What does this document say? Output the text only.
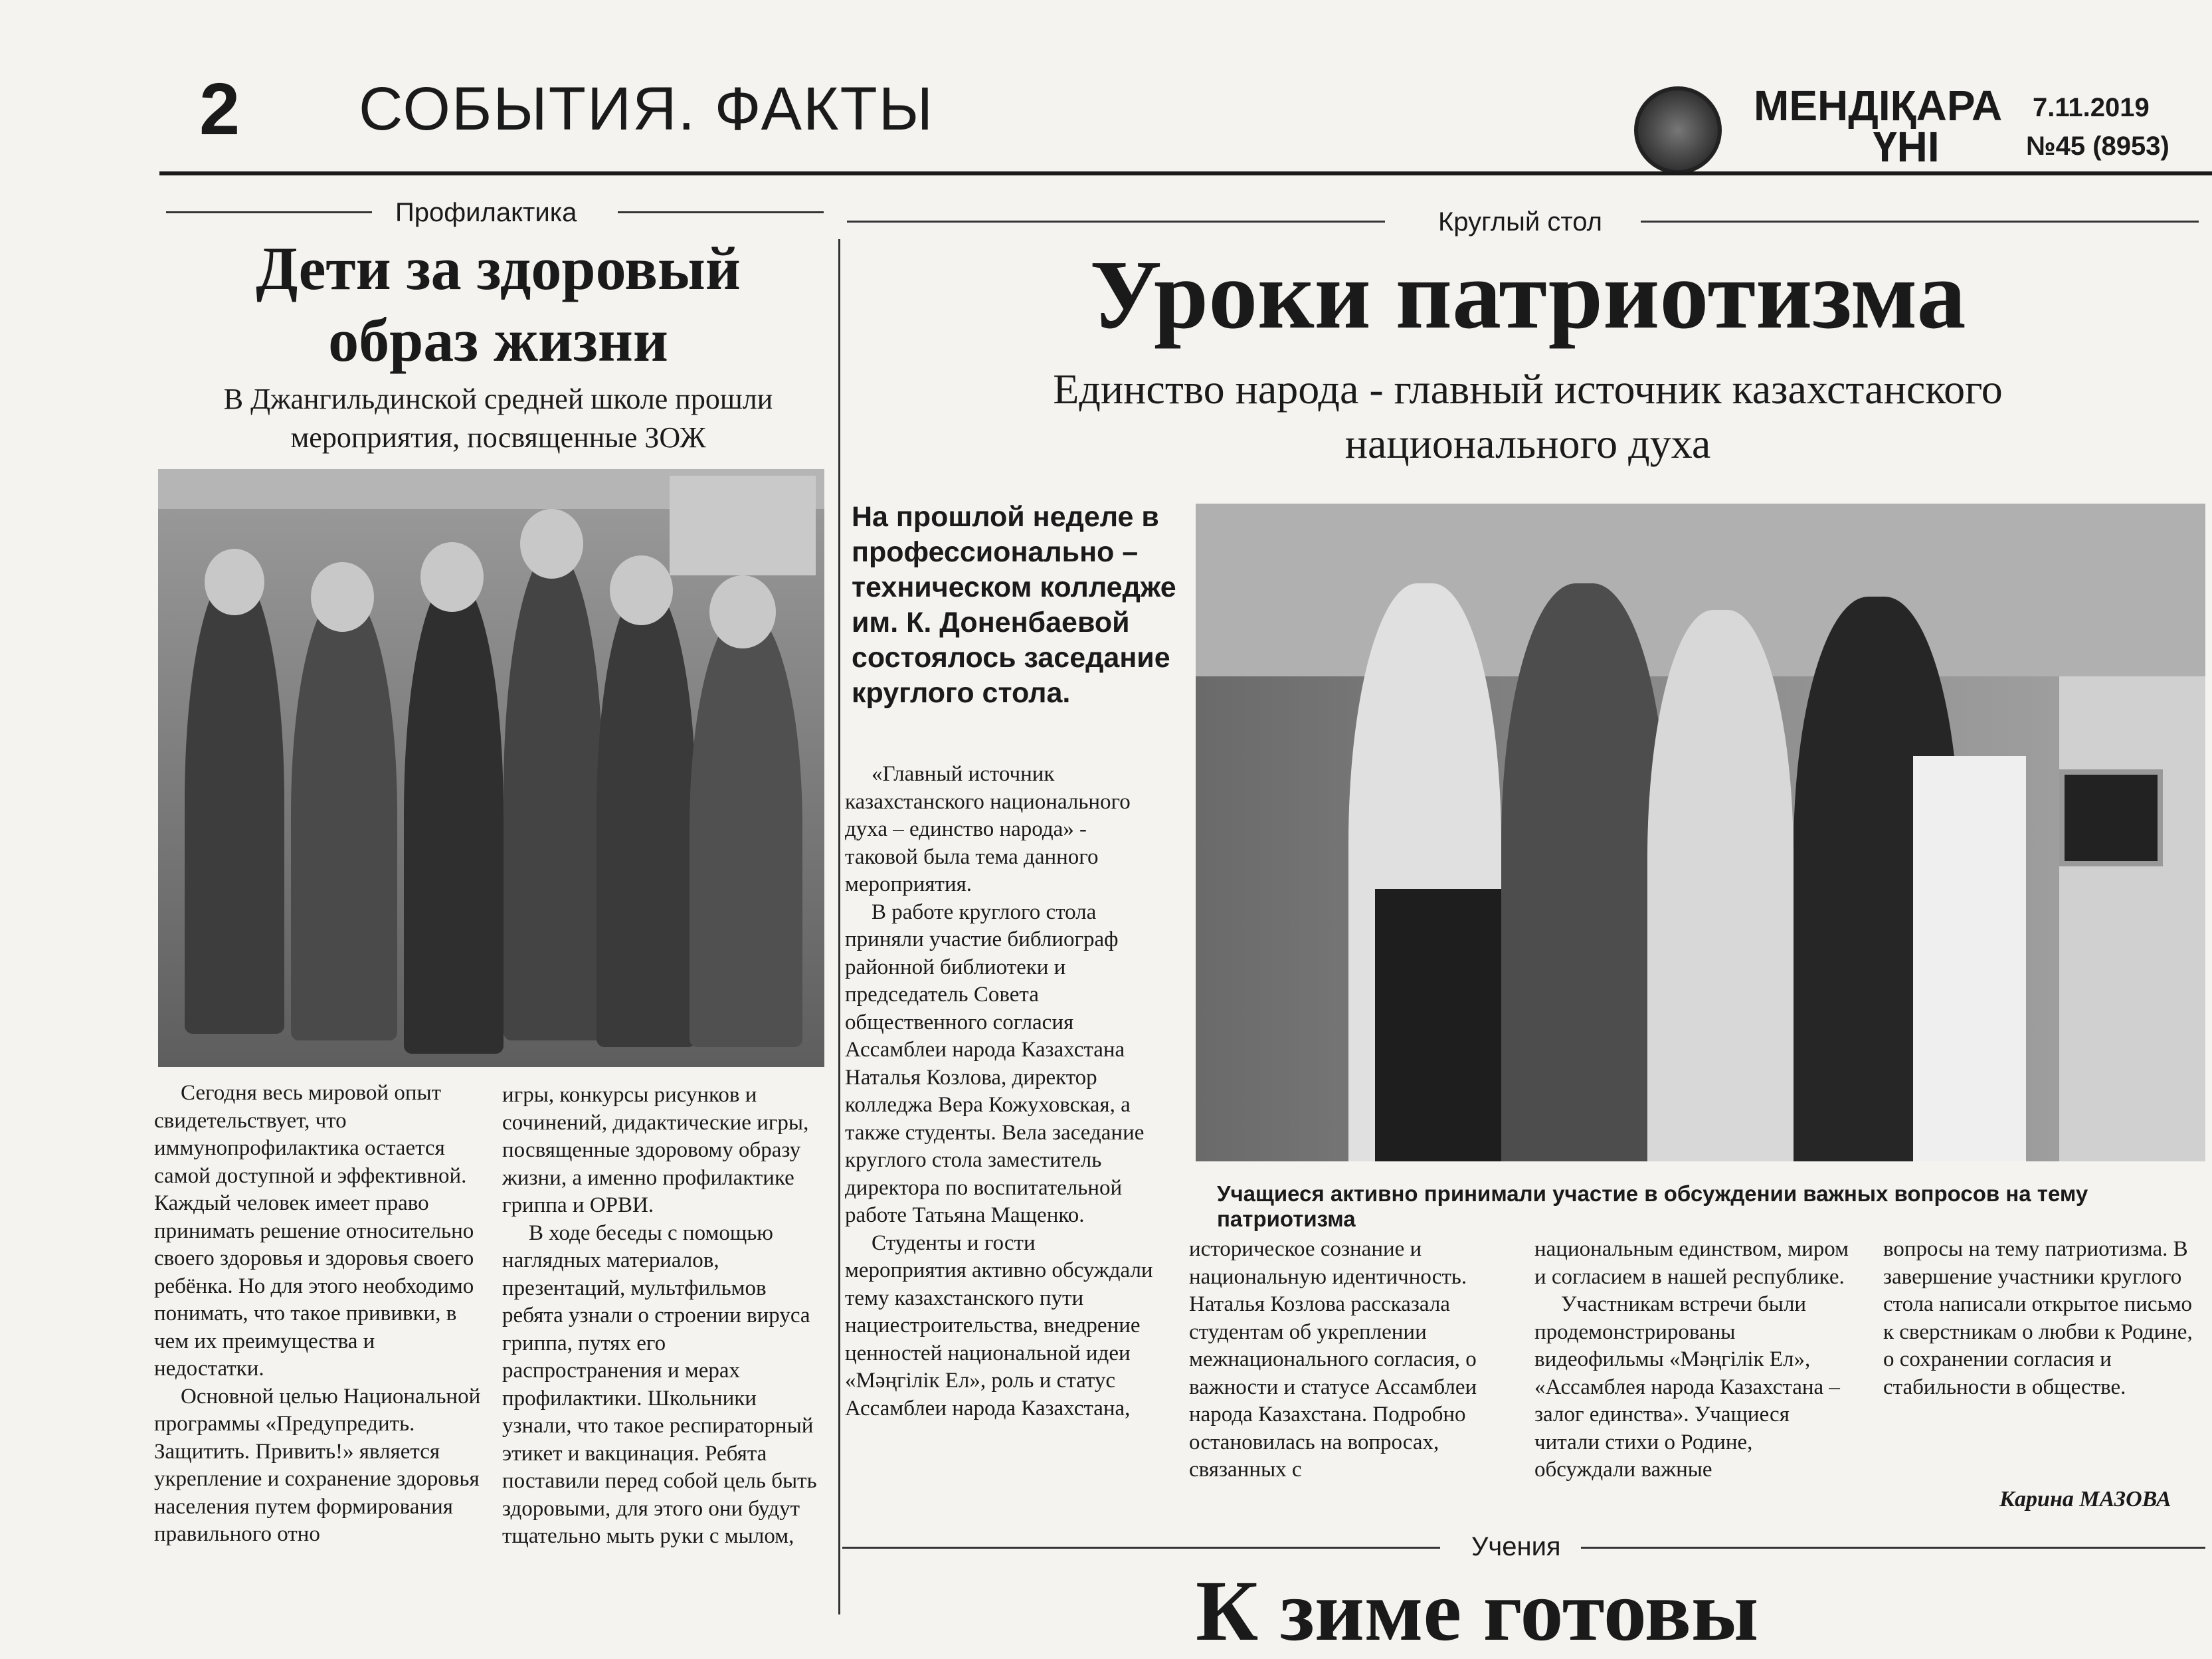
2 СОБЫТИЯ. ФАКТЫ	МЕНДІҚАРА
ҮНІ
7.11.2019
№45 (8953)
Профилактика
Дети за здоровый
образ жизни
В Джангильдинской средней школе прошли
мероприятия, посвященные ЗОЖ

Сегодня весь мировой опыт свидетельствует, что иммунопрофилактика остается самой доступной и эффективной. Каждый человек имеет право принимать решение относительно своего здоровья и здоровья своего ребёнка. Но для этого необходимо понимать, что такое прививки, в чем их преимущества и недостатки.

Основной целью Национальной программы «Предупредить. Защитить. Привить!» является укрепление и сохранение здоровья населения путем формирования правильного отно

игры, конкурсы рисунков и сочинений, дидактические игры, посвященные здоровому образу жизни, а именно профилактике гриппа и ОРВИ.

В ходе беседы с помощью наглядных материалов, презентаций, мультфильмов ребята узнали о строении вируса гриппа, путях его распространения и мерах профилактики. Школьники узнали, что такое респираторный этикет и вакцинация. Ребята поставили перед собой цель быть здоровыми, для этого они будут тщательно мыть руки с мылом,

Круглый стол
Уроки патриотизма
Единство народа - главный источник казахстанского
национального духа
На прошлой неделе в профессионально – техническом колледже им. К. Доненбаевой состоялось заседание круглого стола.
Учащиеся активно принимали участие в обсуждении важных вопросов на тему патриотизма

«Главный источник казахстанского национального духа – единство народа» - таковой была тема данного мероприятия.

В работе круглого стола приняли участие библиограф районной библиотеки и председатель Совета общественного согласия Ассамблеи народа Казахстана Наталья Козлова, директор колледжа Вера Кожуховская, а также студенты. Вела заседание круглого стола заместитель директора по воспитательной работе Татьяна Мащенко.

Студенты и гости мероприятия активно обсуждали тему казахстанского пути нациестроительства, внедрение ценностей национальной идеи «Мәңгілік Ел», роль и статус Ассамблеи народа Казахстана,

историческое сознание и национальную идентичность. Наталья Козлова рассказала студентам об укреплении межнационального согласия, о важности и статусе Ассамблеи народа Казахстана. Подробно остановилась на вопросах, связанных с

национальным единством, миром и согласием в нашей республике.

Участникам встречи были продемонстрированы видеофильмы «Мәңгілік Ел», «Ассамблея народа Казахстана – залог единства». Учащиеся читали стихи о Родине, обсуждали важные

вопросы на тему патриотизма. В завершение участники круглого стола написали открытое письмо к сверстникам о любви к Родине, о сохранении согласия и стабильности в обществе.

Карина МАЗОВА
Учения
К зиме готовы
